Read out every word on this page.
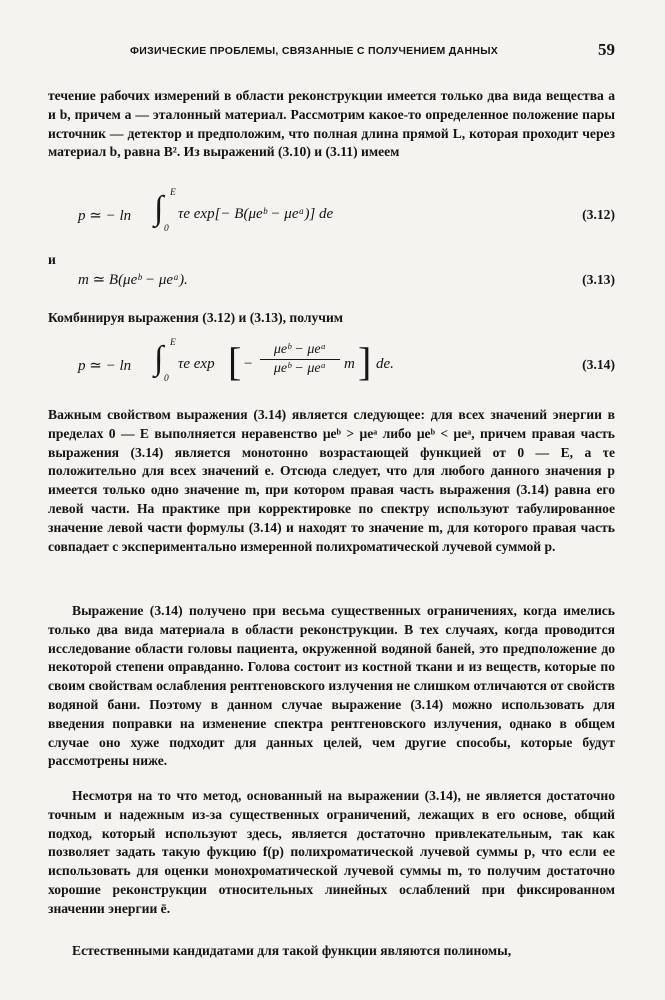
ФИЗИЧЕСКИЕ ПРОБЛЕМЫ, СВЯЗАННЫЕ С ПОЛУЧЕНИЕМ ДАННЫХ	59

течение рабочих измерений в области реконструкции имеется только два вида вещества a и b, причем a — эталонный материал. Рассмотрим какое-то определенное положение пары источник — детектор и предположим, что полная длина прямой L, которая проходит через материал b, равна B². Из выражений (3.10) и (3.11) имеем

p ≃ − ln ∫ E
0
τe exp[− B(μeᵇ − μeᵃ)] de	(3.12)
и
m ≃ B(μeᵇ − μeᵃ).	(3.13)

Комбинируя выражения (3.12) и (3.13), получим

p ≃ − ln ∫ E
0
τe exp [ −
μeᵇ − μeᵃ
μeᵇ − μeᵃ	m ] de.	(3.14)

Важным свойством выражения (3.14) является следующее: для всех значений энергии в пределах 0 — E выполняется неравенство μeᵇ > μeᵃ либо μeᵇ < μeᵃ, причем правая часть выражения (3.14) является монотонно возрастающей функцией от 0 — E, а τe положительно для всех значений e. Отсюда следует, что для любого данного значения p имеется только одно значение m, при котором правая часть выражения (3.14) равна его левой части. На практике при корректировке по спектру используют табулированное значение левой части формулы (3.14) и находят то значение m, для которого правая часть совпадает с экспериментально измеренной полихроматической лучевой суммой p.

Выражение (3.14) получено при весьма существенных ограничениях, когда имелись только два вида материала в области реконструкции. В тех случаях, когда проводится исследование области головы пациента, окруженной водяной баней, это предположение до некоторой степени оправданно. Голова состоит из костной ткани и из веществ, которые по своим свойствам ослабления рентгеновского излучения не слишком отличаются от свойств водяной бани. Поэтому в данном случае выражение (3.14) можно использовать для введения поправки на изменение спектра рентгеновского излучения, однако в общем случае оно хуже подходит для данных целей, чем другие способы, которые будут рассмотрены ниже.

Несмотря на то что метод, основанный на выражении (3.14), не является достаточно точным и надежным из-за существенных ограничений, лежащих в его основе, общий подход, который используют здесь, является достаточно привлекательным, так как позволяет задать такую фукцию f(p) полихроматической лучевой суммы p, что если ее использовать для оценки монохроматической лучевой суммы m, то получим достаточно хорошие реконструкции относительных линейных ослаблений при фиксированном значении энергии ē.

Естественными кандидатами для такой функции являются полиномы,
